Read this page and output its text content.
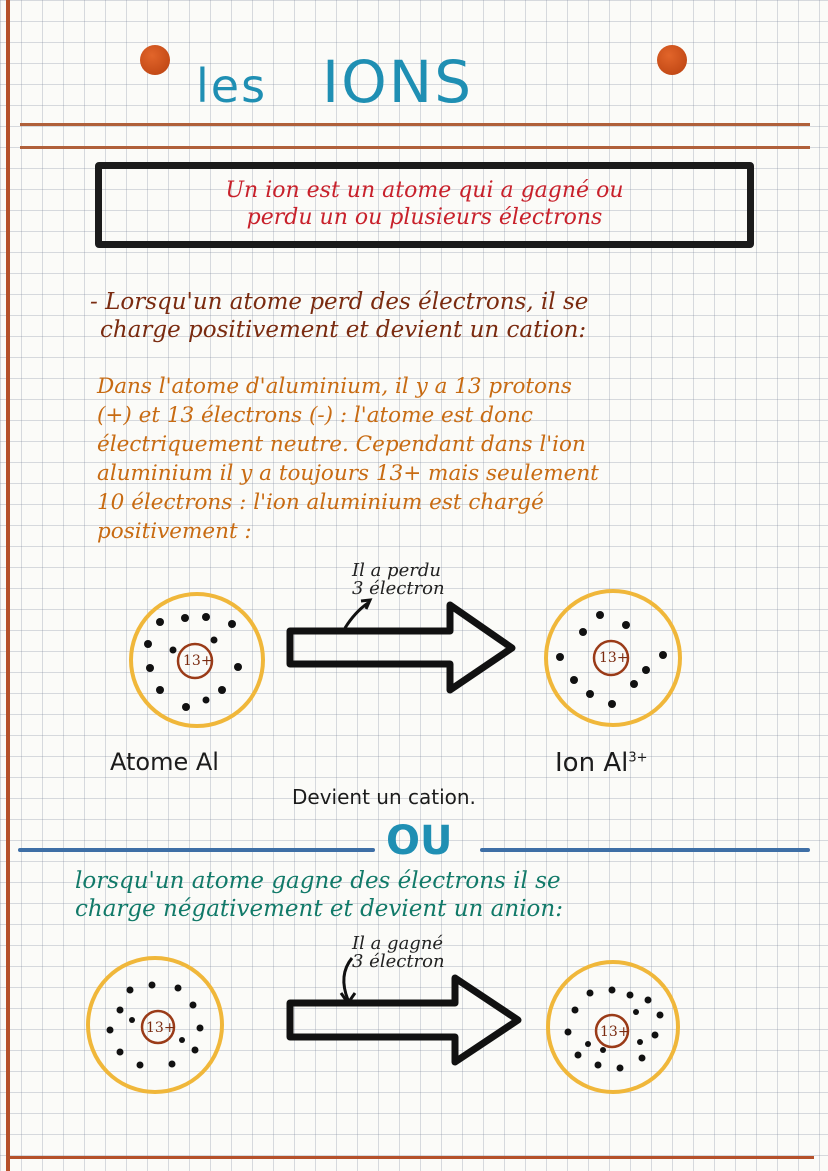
les IONS
Un ion est un atome qui a gagné ou
perdu un ou plusieurs électrons
- Lorsqu'un atome perd des électrons, il se
charge positivement et devient un cation:
Dans l'atome d'aluminium, il y a 13 protons
(+) et 13 électrons (-) : l'atome est donc
électriquement neutre. Cependant dans l'ion
aluminium il y a toujours 13+ mais seulement
10 électrons : l'ion aluminium est chargé
positivement :
Il a perdu
3 électron
Atome Al	Ion $Al^{3+}$
Devient un cation.
13+	13+
OU
lorsqu'un atome gagne des électrons il se
charge négativement et devient un anion:
Il a gagné
3 électron
13+	13+
